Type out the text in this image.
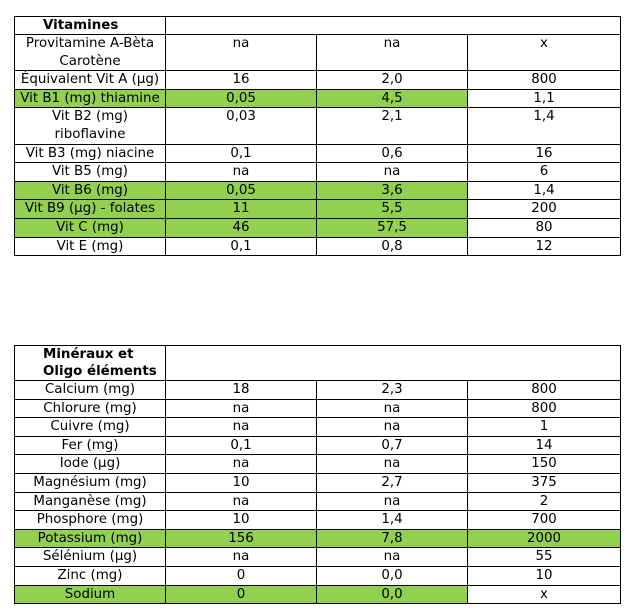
Vitamines			
Provitamine A-Bèta Carotène	na	na	x
Équivalent Vit A (µg)	16	2,0	800
Vit B1 (mg) thiamine	0,05	4,5	1,1
Vit B2 (mg) riboflavine	0,03	2,1	1,4
Vit B3 (mg) niacine	0,1	0,6	16
Vit B5 (mg)	na	na	6
Vit B6 (mg)	0,05	3,6	1,4
Vit B9 (µg) - folates	11	5,5	200
Vit C (mg)	46	57,5	80
Vit E (mg)	0,1	0,8	12
Minéraux et Oligo éléments			
Calcium (mg)	18	2,3	800
Chlorure (mg)	na	na	800
Cuivre (mg)	na	na	1
Fer (mg)	0,1	0,7	14
Iode (µg)	na	na	150
Magnésium (mg)	10	2,7	375
Manganèse (mg)	na	na	2
Phosphore (mg)	10	1,4	700
Potassium (mg)	156	7,8	2000
Sélénium (µg)	na	na	55
Zinc (mg)	0	0,0	10
Sodium	0	0,0	x
